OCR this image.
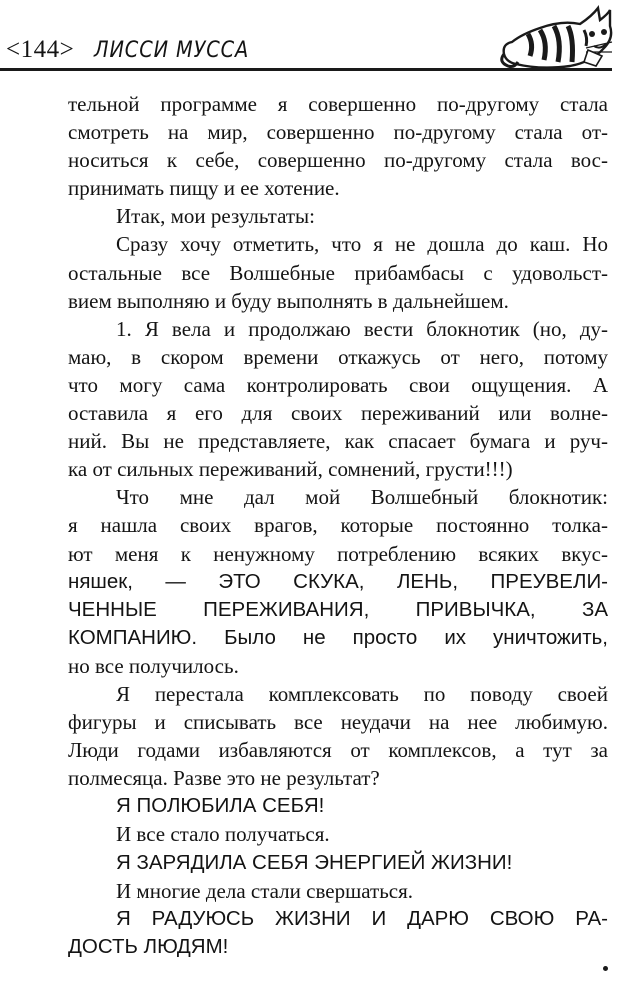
<144> ЛИССИ МУССА
тельной программе я совершенно по-другому стала
смотреть на мир, совершенно по-другому стала от-
носиться к себе, совершенно по-другому стала вос-
принимать пищу и ее хотение.
Итак, мои результаты:
Сразу хочу отметить, что я не дошла до каш. Но
остальные все Волшебные прибамбасы с удовольст-
вием выполняю и буду выполнять в дальнейшем.
1. Я вела и продолжаю вести блокнотик (но, ду-
маю, в скором времени откажусь от него, потому
что могу сама контролировать свои ощущения. А
оставила я его для своих переживаний или волне-
ний. Вы не представляете, как спасает бумага и руч-
ка от сильных переживаний, сомнений, грусти!!!)
Что мне дал мой Волшебный блокнотик:
я нашла своих врагов, которые постоянно толка-
ют меня к ненужному потреблению всяких вкус-
няшек, — ЭТО СКУКА, ЛЕНЬ, ПРЕУВЕЛИ-
ЧЕННЫЕ ПЕРЕЖИВАНИЯ, ПРИВЫЧКА, ЗА
КОМПАНИЮ. Было не просто их уничтожить,
но все получилось.
Я перестала комплексовать по поводу своей
фигуры и списывать все неудачи на нее любимую.
Люди годами избавляются от комплексов, а тут за
полмесяца. Разве это не результат?
Я ПОЛЮБИЛА СЕБЯ!
И все стало получаться.
Я ЗАРЯДИЛА СЕБЯ ЭНЕРГИЕЙ ЖИЗНИ!
И многие дела стали свершаться.
Я РАДУЮСЬ ЖИЗНИ И ДАРЮ СВОЮ РА-
ДОСТЬ ЛЮДЯМ!
